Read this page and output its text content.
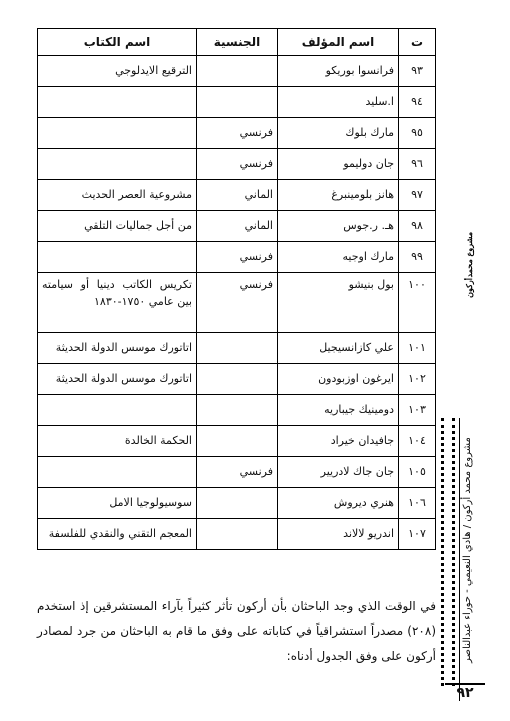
ت	اسم المؤلف	الجنسية	اسم الكتاب
٩٣	فرانسوا بوريكو		الترقيع الايدلوجي
٩٤	ا.سليد		
٩٥	مارك بلوك	فرنسي	
٩٦	جان دوليمو	فرنسي	
٩٧	هانز بلومينبرغ	الماني	مشروعية العصر الحديث
٩٨	هـ. ر.جوس	الماني	من أجل جماليات التلقي
٩٩	مارك اوجيه	فرنسي	
١٠٠	بول بنيشو	فرنسي	تكريس الكاتب دينيا أو سيامته بين عامي ١٧٥٠-١٨٣٠
١٠١	علي كازانسيجيل		اتاتورك موسس الدولة الحديثة
١٠٢	ايرغون اوزبودون		اتاتورك موسس الدولة الحديثة
١٠٣	دومينيك جيباريه		
١٠٤	جافيدان خيراد		الحكمة الخالدة
١٠٥	جان جاك لادريير	فرنسي	
١٠٦	هنري ديروش		سوسيولوجيا الامل
١٠٧	اندريو لالاند		المعجم التقني والنقدي للفلسفة

في الوقت الذي وجد الباحثان بأن أركون تأثر كثيراً بآراء المستشرقين إذ استخدم (٢٠٨) مصدراً استشراقياً في كتاباته على وفق ما قام به الباحثان من جرد لمصادر أركون على وفق الجدول أدناه:

مشروع محمد
أركون
مشروع محمد أركون / هادي النعيمي - حوراء عبدالناصر
٩٢
